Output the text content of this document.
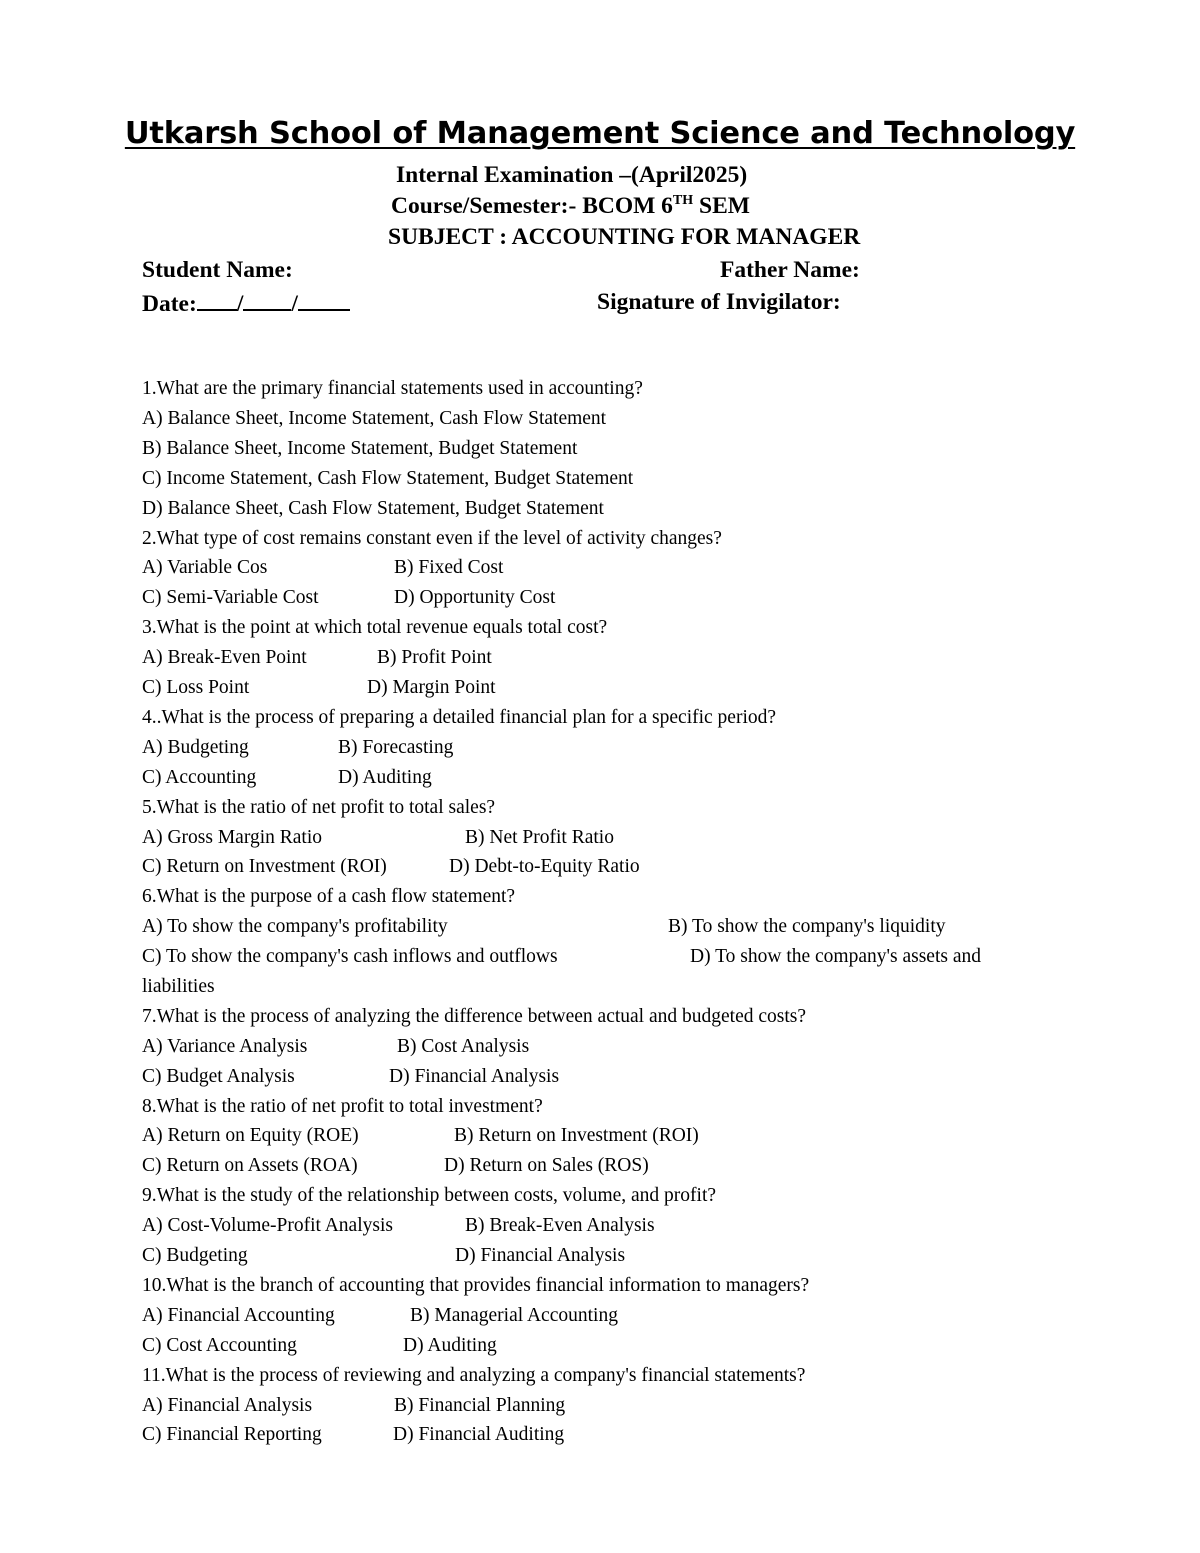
Utkarsh School of Management Science and Technology
Internal Examination –(April2025)
Course/Semester:- BCOM 6TH SEM
SUBJECT : ACCOUNTING FOR MANAGER
Student Name:	Father Name:
Date: / /	Signature of Invigilator:
1.What are the primary financial statements used in accounting?
A) Balance Sheet, Income Statement, Cash Flow Statement
B) Balance Sheet, Income Statement, Budget Statement
C) Income Statement, Cash Flow Statement, Budget Statement
D) Balance Sheet, Cash Flow Statement, Budget Statement
2.What type of cost remains constant even if the level of activity changes?
A) Variable Cos	B) Fixed Cost
C) Semi-Variable Cost	D) Opportunity Cost
3.What is the point at which total revenue equals total cost?
A) Break-Even Point	B) Profit Point
C) Loss Point	D) Margin Point
4..What is the process of preparing a detailed financial plan for a specific period?
A) Budgeting	B) Forecasting
C) Accounting	D) Auditing
5.What is the ratio of net profit to total sales?
A) Gross Margin Ratio	B) Net Profit Ratio
C) Return on Investment (ROI)	D) Debt-to-Equity Ratio
6.What is the purpose of a cash flow statement?
A) To show the company's profitability	B) To show the company's liquidity
C) To show the company's cash inflows and outflows	D) To show the company's assets and
liabilities
7.What is the process of analyzing the difference between actual and budgeted costs?
A) Variance Analysis	B) Cost Analysis
C) Budget Analysis	D) Financial Analysis
8.What is the ratio of net profit to total investment?
A) Return on Equity (ROE)	B) Return on Investment (ROI)
C) Return on Assets (ROA)	D) Return on Sales (ROS)
9.What is the study of the relationship between costs, volume, and profit?
A) Cost-Volume-Profit Analysis	B) Break-Even Analysis
C) Budgeting	D) Financial Analysis
10.What is the branch of accounting that provides financial information to managers?
A) Financial Accounting	B) Managerial Accounting
C) Cost Accounting	D) Auditing
11.What is the process of reviewing and analyzing a company's financial statements?
A) Financial Analysis	B) Financial Planning
C) Financial Reporting	D) Financial Auditing
